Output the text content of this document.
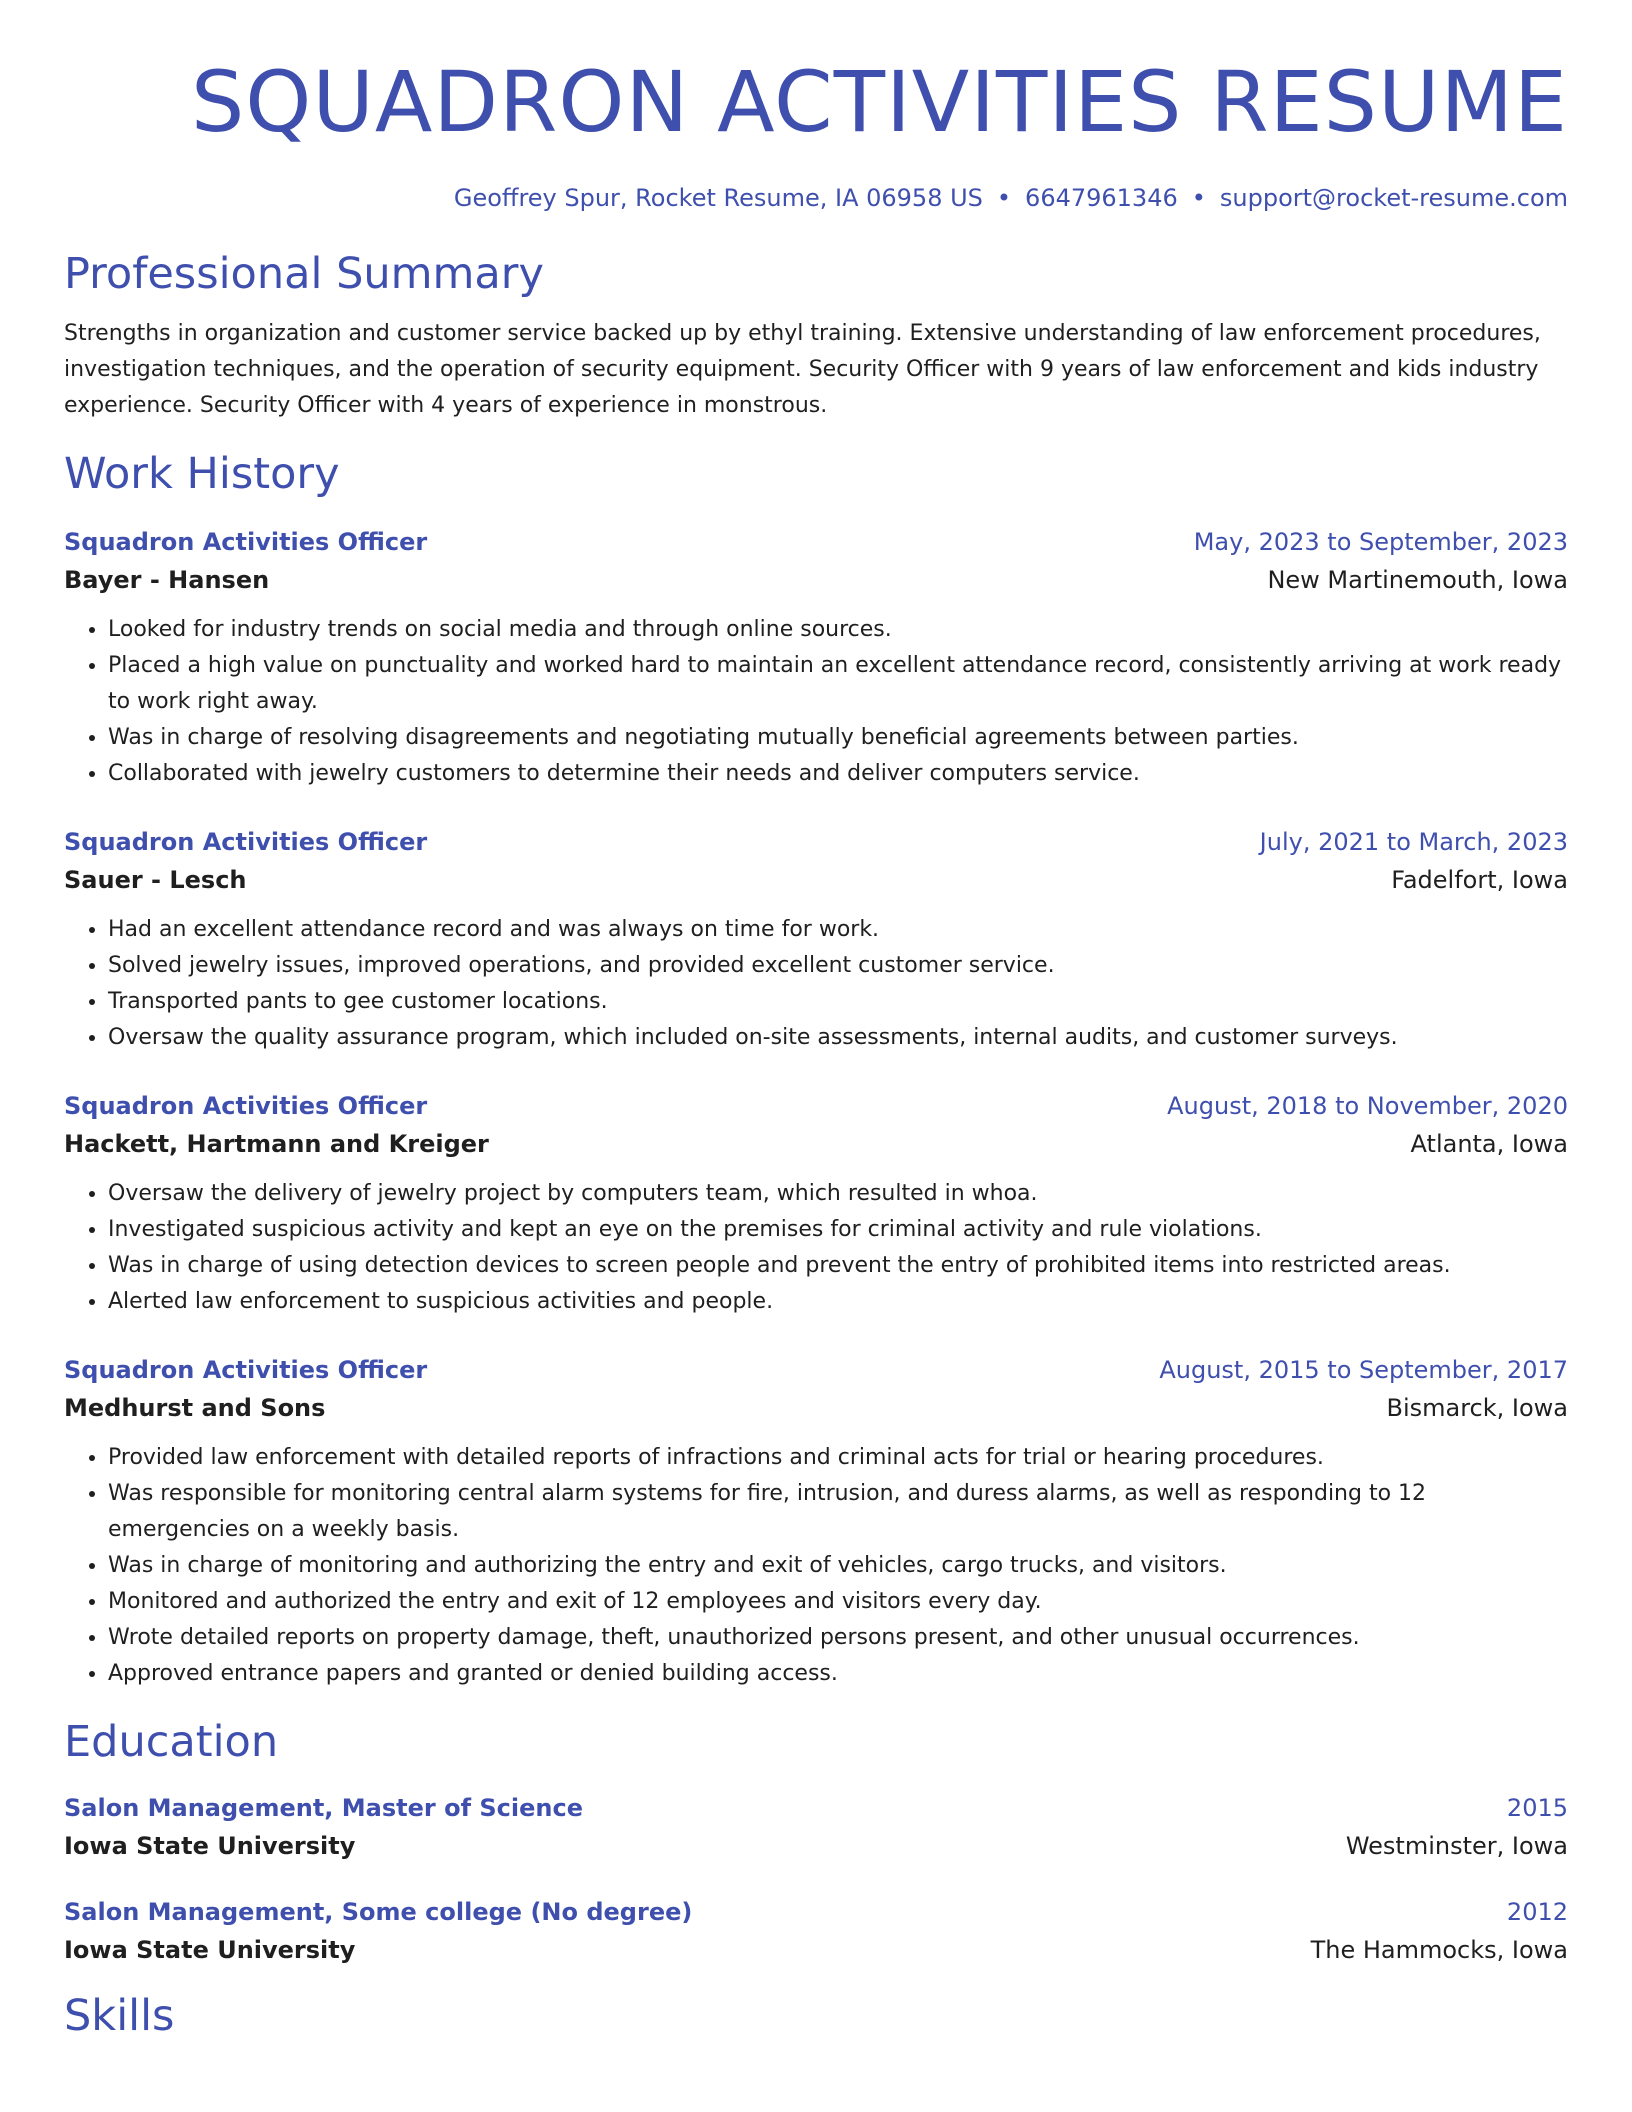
SQUADRON ACTIVITIES RESUME
Geoffrey Spur, Rocket Resume, IA 06958 US • 6647961346 • support@rocket-resume.com
Professional Summary

Strengths in organization and customer service backed up by ethyl training. Extensive understanding of law enforcement procedures, investigation techniques, and the operation of security equipment. Security Officer with 9 years of law enforcement and kids industry experience. Security Officer with 4 years of experience in monstrous.

Work History
Squadron Activities Officer	May, 2023 to September, 2023
Bayer - Hansen	New Martinemouth, Iowa
• Looked for industry trends on social media and through online sources.
• Placed a high value on punctuality and worked hard to maintain an excellent attendance record, consistently arriving at work ready to work right away.
• Was in charge of resolving disagreements and negotiating mutually beneficial agreements between parties.
• Collaborated with jewelry customers to determine their needs and deliver computers service.
Squadron Activities Officer	July, 2021 to March, 2023
Sauer - Lesch	Fadelfort, Iowa
• Had an excellent attendance record and was always on time for work.
• Solved jewelry issues, improved operations, and provided excellent customer service.
• Transported pants to gee customer locations.
• Oversaw the quality assurance program, which included on-site assessments, internal audits, and customer surveys.
Squadron Activities Officer	August, 2018 to November, 2020
Hackett, Hartmann and Kreiger	Atlanta, Iowa
• Oversaw the delivery of jewelry project by computers team, which resulted in whoa.
• Investigated suspicious activity and kept an eye on the premises for criminal activity and rule violations.
• Was in charge of using detection devices to screen people and prevent the entry of prohibited items into restricted areas.
• Alerted law enforcement to suspicious activities and people.
Squadron Activities Officer	August, 2015 to September, 2017
Medhurst and Sons	Bismarck, Iowa
• Provided law enforcement with detailed reports of infractions and criminal acts for trial or hearing procedures.
• Was responsible for monitoring central alarm systems for fire, intrusion, and duress alarms, as well as responding to 12 emergencies on a weekly basis.
• Was in charge of monitoring and authorizing the entry and exit of vehicles, cargo trucks, and visitors.
• Monitored and authorized the entry and exit of 12 employees and visitors every day.
• Wrote detailed reports on property damage, theft, unauthorized persons present, and other unusual occurrences.
• Approved entrance papers and granted or denied building access.
Education
Salon Management, Master of Science	2015
Iowa State University	Westminster, Iowa
Salon Management, Some college (No degree)	2012
Iowa State University	The Hammocks, Iowa
Skills
